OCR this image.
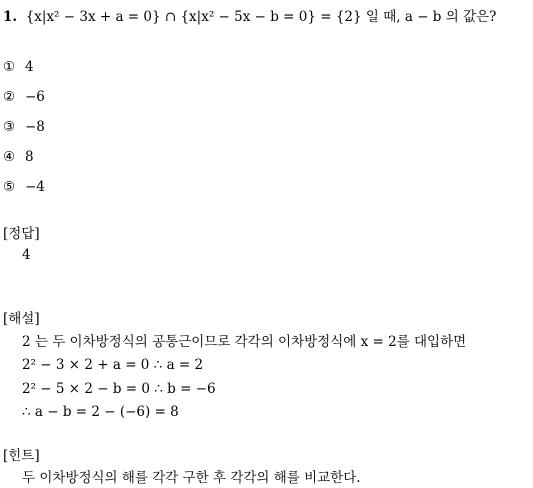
1. {x|x² − 3x + a = 0} ∩ {x|x² − 5x − b = 0} = {2} 일 때, a − b 의 값은?
① 4
② −6
③ −8
④ 8
⑤ −4
[정답]
4
[해설]
2 는 두 이차방정식의 공통근이므로 각각의 이차방정식에 x = 2를 대입하면
2² − 3 × 2 + a = 0 ∴ a = 2
2² − 5 × 2 − b = 0 ∴ b = −6
∴ a − b = 2 − (−6) = 8
[힌트]
두 이차방정식의 해를 각각 구한 후 각각의 해를 비교한다.
